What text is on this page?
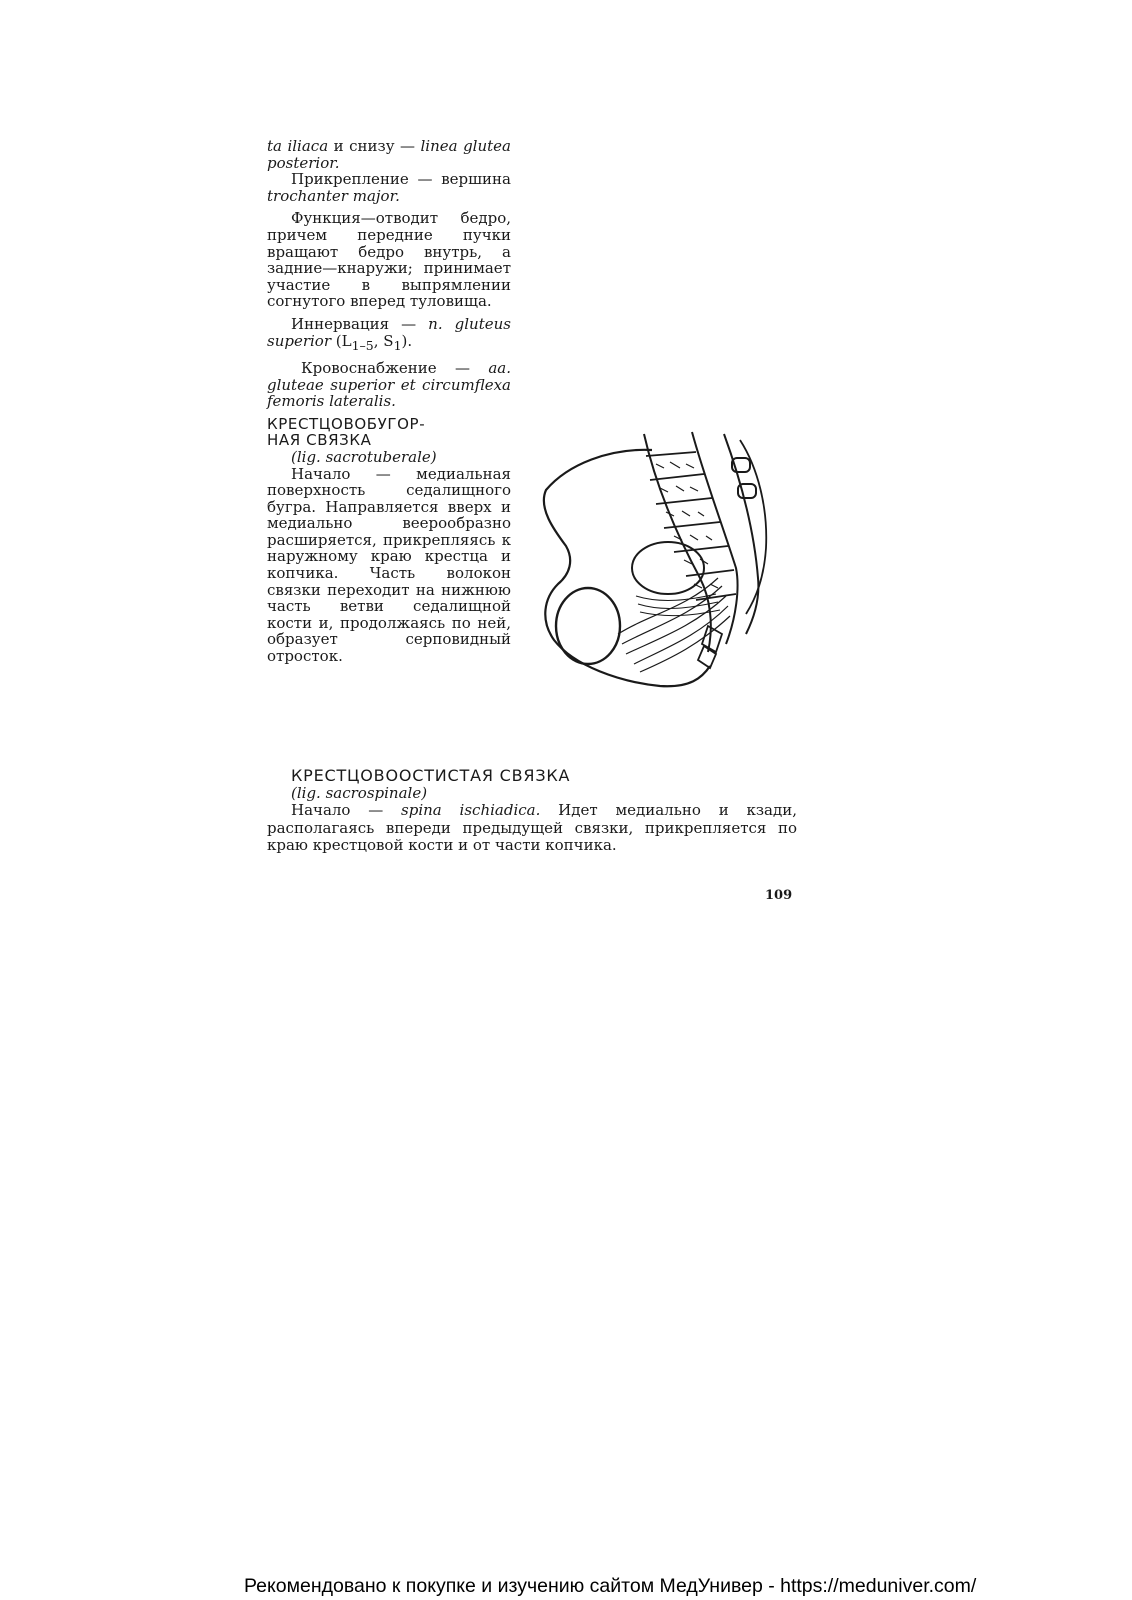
ta iliaca и снизу — linea glutea posterior.

Прикрепление — вершина trochanter major.

Функция—отводит бедро, причем передние пучки вращают бедро внутрь, а задние—кнаружи; принимает участие в выпрямлении согнутого вперед туловища.

Иннервация — n. gluteus superior ($L_{1-5}$, $S_1$).

Кровоснабжение — aa. gluteae superior et circumflexa femoris lateralis.

КРЕСТЦОВОБУГОР-
НАЯ СВЯЗКА

(lig. sacrotuberale)

Начало — медиальная поверхность седалищного бугра. Направляется вверх и медиально веерообразно расширяется, прикрепляясь к наружному краю крестца и копчика. Часть волокон связки переходит на нижнюю часть ветви седалищной кости и, продолжаясь по ней, образует серповидный отросток.

КРЕСТЦОВООСТИСТАЯ СВЯЗКА

(lig. sacrospinale)

Начало — spina ischiadica. Идет медиально и кзади, располагаясь впереди предыдущей связки, прикрепляется по краю крестцовой кости и от части копчика.

109
Рекомендовано к покупке и изучению сайтом МедУнивер - https://meduniver.com/
